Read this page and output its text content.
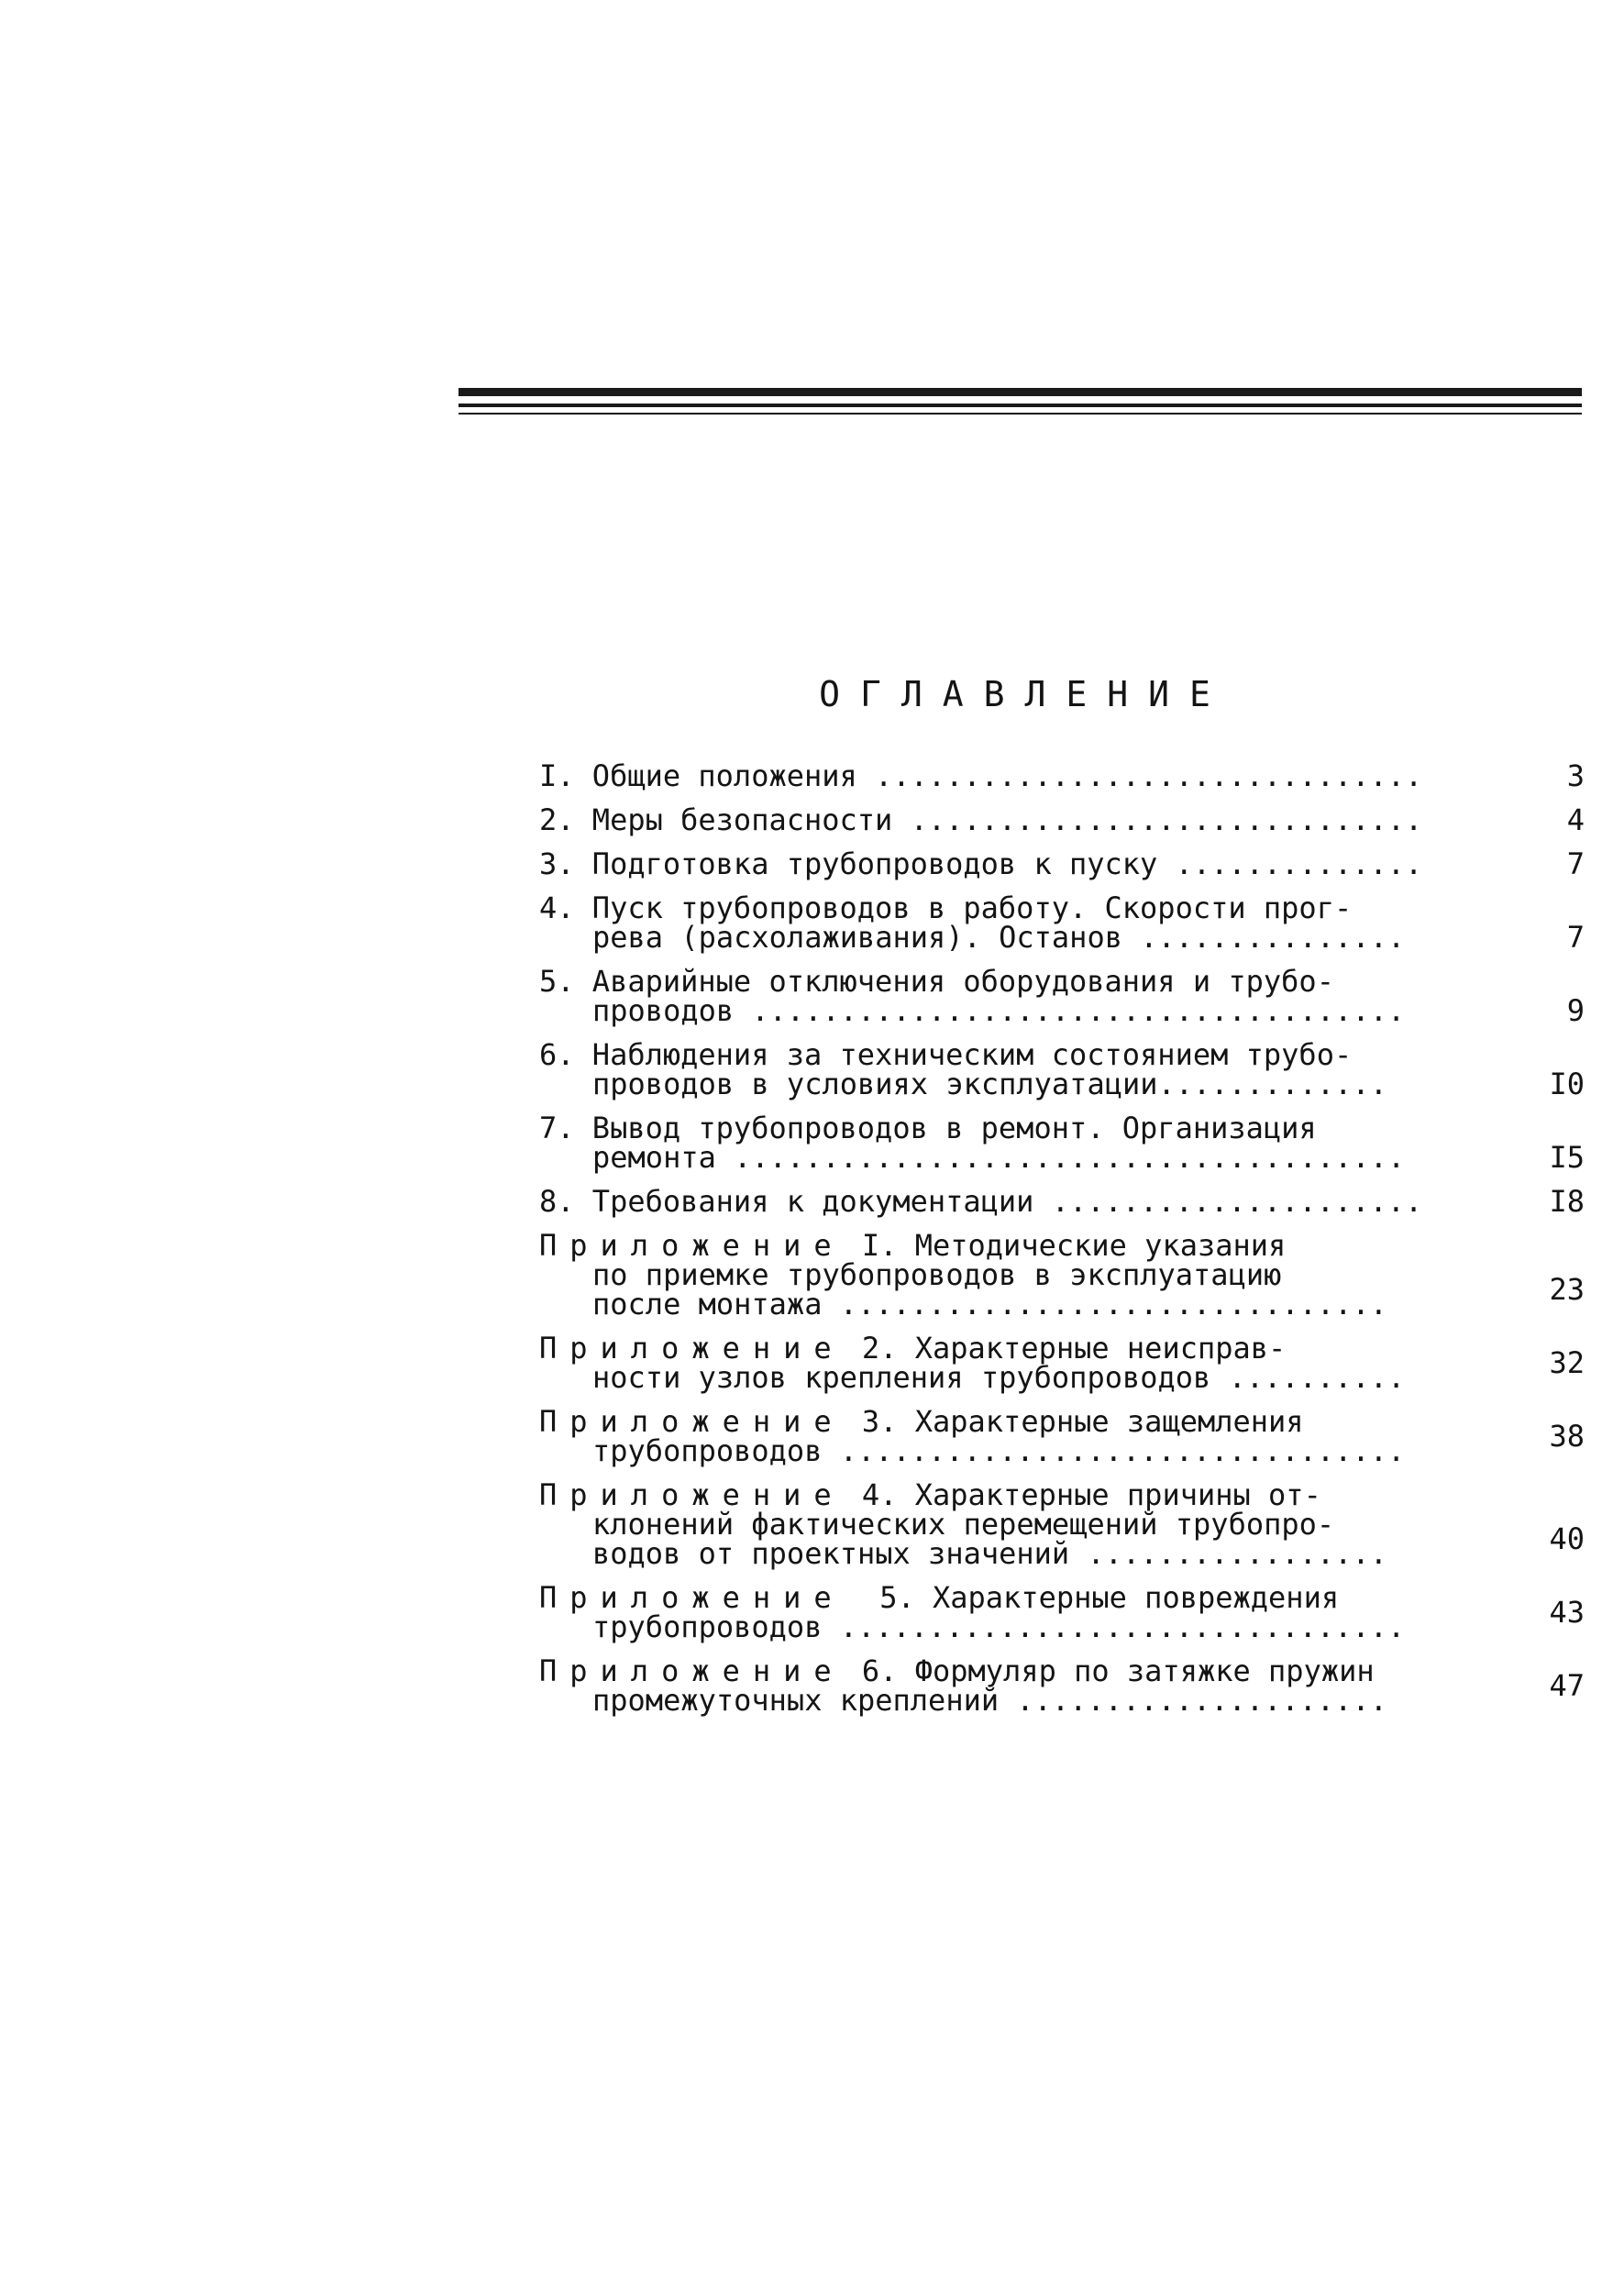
ОГЛАВЛЕНИЕ
I. Общие положения ...............................	3
2. Меры безопасности .............................	4
3. Подготовка трубопроводов к пуску ..............	7
4. Пуск трубопроводов в работу. Скорости прог-
рева (расхолаживания). Останов ...............	7
5. Аварийные отключения оборудования и трубо-
проводов .....................................	9
6. Наблюдения за техническим состоянием трубо-
проводов в условиях эксплуатации.............	I0
7. Вывод трубопроводов в ремонт. Организация
ремонта ......................................	I5
8. Требования к документации .....................	I8
Приложение I. Методические указания
по приемке трубопроводов в эксплуатацию
после монтажа ...............................	23
Приложение 2. Характерные неисправ-
ности узлов крепления трубопроводов ..........	32
Приложение 3. Характерные защемления
трубопроводов ................................	38
Приложение 4. Характерные причины от-
клонений фактических перемещений трубопро-
водов от проектных значений .................	40
Приложение  5. Характерные повреждения
трубопроводов ................................	43
Приложение 6. Формуляр по затяжке пружин
промежуточных креплений .....................	47
